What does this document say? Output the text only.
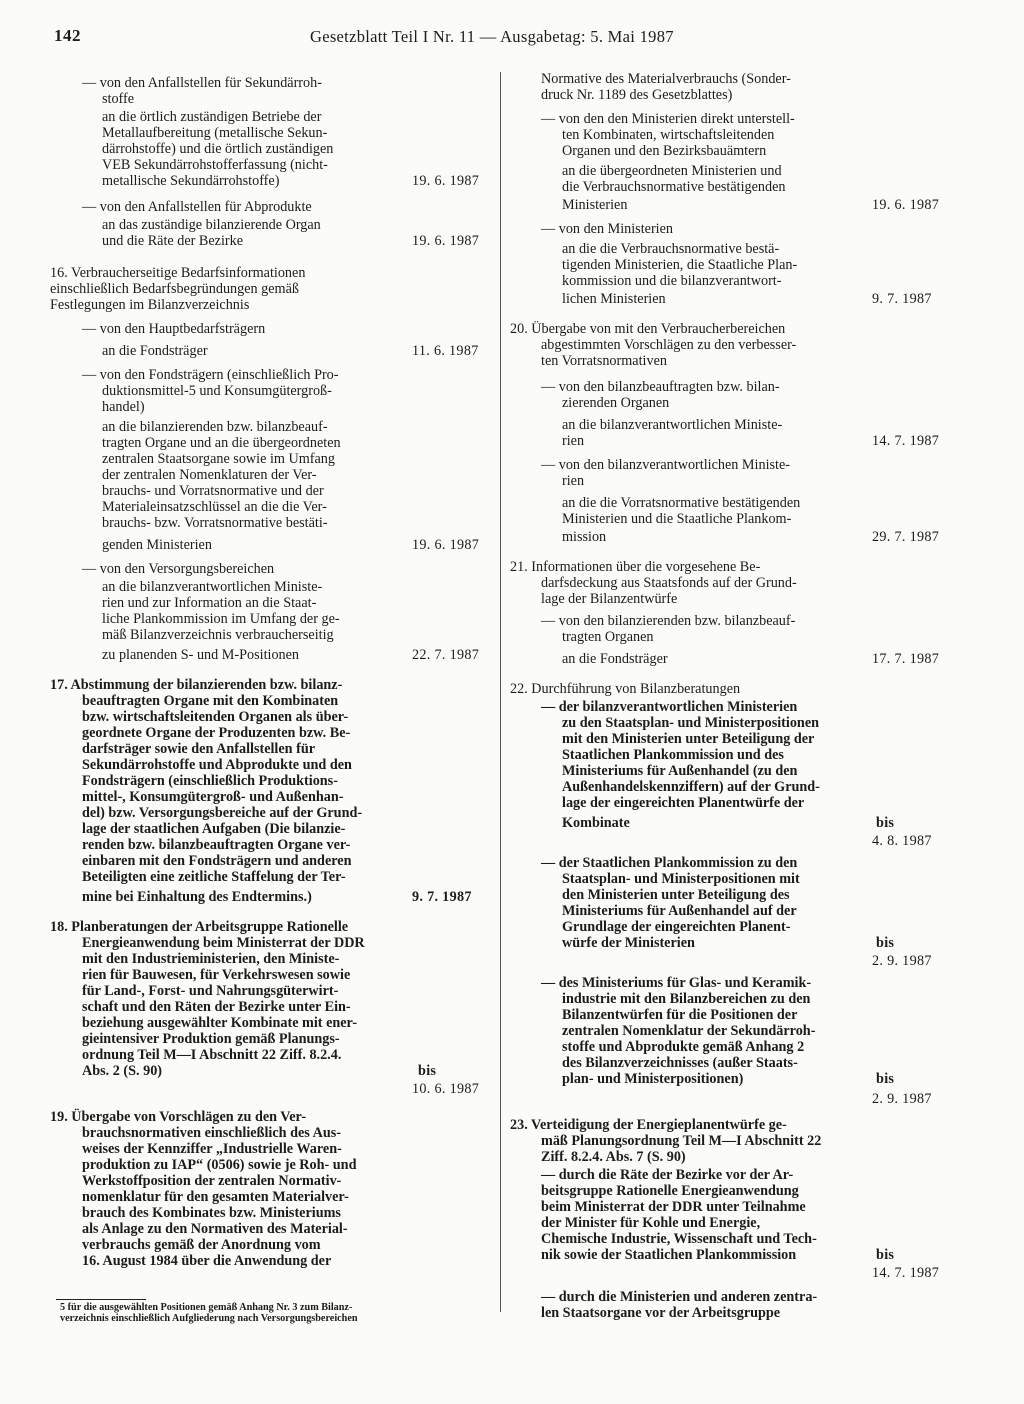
142	Gesetzblatt Teil I Nr. 11 — Ausgabetag: 5. Mai 1987
— von den Anfallstellen für Sekundärroh-
stoffe
an die örtlich zuständigen Betriebe der
Metallaufbereitung (metallische Sekun-
därrohstoffe) und die örtlich zuständigen
VEB Sekundärrohstofferfassung (nicht-
metallische Sekundärrohstoffe)	19. 6. 1987
— von den Anfallstellen für Abprodukte
an das zuständige bilanzierende Organ
und die Räte der Bezirke	19. 6. 1987
16. Verbraucherseitige Bedarfsinformationen
einschließlich Bedarfsbegründungen gemäß
Festlegungen im Bilanzverzeichnis
— von den Hauptbedarfsträgern
an die Fondsträger	11. 6. 1987
— von den Fondsträgern (einschließlich Pro-
duktionsmittel-5 und Konsumgütergroß-
handel)
an die bilanzierenden bzw. bilanzbeauf-
tragten Organe und an die übergeordneten
zentralen Staatsorgane sowie im Umfang
der zentralen Nomenklaturen der Ver-
brauchs- und Vorratsnormative und der
Materialeinsatzschlüssel an die die Ver-
brauchs- bzw. Vorratsnormative bestäti-
genden Ministerien	19. 6. 1987
— von den Versorgungsbereichen
an die bilanzverantwortlichen Ministe-
rien und zur Information an die Staat-
liche Plankommission im Umfang der ge-
mäß Bilanzverzeichnis verbraucherseitig
zu planenden S- und M-Positionen	22. 7. 1987
17. Abstimmung der bilanzierenden bzw. bilanz-
beauftragten Organe mit den Kombinaten
bzw. wirtschaftsleitenden Organen als über-
geordnete Organe der Produzenten bzw. Be-
darfsträger sowie den Anfallstellen für
Sekundärrohstoffe und Abprodukte und den
Fondsträgern (einschließlich Produktions-
mittel-, Konsumgütergroß- und Außenhan-
del) bzw. Versorgungsbereiche auf der Grund-
lage der staatlichen Aufgaben (Die bilanzie-
renden bzw. bilanzbeauftragten Organe ver-
einbaren mit den Fondsträgern und anderen
Beteiligten eine zeitliche Staffelung der Ter-
mine bei Einhaltung des Endtermins.)	9. 7. 1987
18. Planberatungen der Arbeitsgruppe Rationelle
Energieanwendung beim Ministerrat der DDR
mit den Industrieministerien, den Ministe-
rien für Bauwesen, für Verkehrswesen sowie
für Land-, Forst- und Nahrungsgüterwirt-
schaft und den Räten der Bezirke unter Ein-
beziehung ausgewählter Kombinate mit ener-
gieintensiver Produktion gemäß Planungs-
ordnung Teil M—I Abschnitt 22 Ziff. 8.2.4.
Abs. 2 (S. 90)	bis
10. 6. 1987
19. Übergabe von Vorschlägen zu den Ver-
brauchsnormativen einschließlich des Aus-
weises der Kennziffer „Industrielle Waren-
produktion zu IAP“ (0506) sowie je Roh- und
Werkstoffposition der zentralen Normativ-
nomenklatur für den gesamten Materialver-
brauch des Kombinates bzw. Ministeriums
als Anlage zu den Normativen des Material-
verbrauchs gemäß der Anordnung vom
16. August 1984 über die Anwendung der
Normative des Materialverbrauchs (Sonder-
druck Nr. 1189 des Gesetzblattes)
— von den den Ministerien direkt unterstell-
ten Kombinaten, wirtschaftsleitenden
Organen und den Bezirksbauämtern
an die übergeordneten Ministerien und
die Verbrauchsnormative bestätigenden
Ministerien	19. 6. 1987
— von den Ministerien
an die die Verbrauchsnormative bestä-
tigenden Ministerien, die Staatliche Plan-
kommission und die bilanzverantwort-
lichen Ministerien	9. 7. 1987
20. Übergabe von mit den Verbraucherbereichen
abgestimmten Vorschlägen zu den verbesser-
ten Vorratsnormativen
— von den bilanzbeauftragten bzw. bilan-
zierenden Organen
an die bilanzverantwortlichen Ministe-
rien	14. 7. 1987
— von den bilanzverantwortlichen Ministe-
rien
an die die Vorratsnormative bestätigenden
Ministerien und die Staatliche Plankom-
mission	29. 7. 1987
21. Informationen über die vorgesehene Be-
darfsdeckung aus Staatsfonds auf der Grund-
lage der Bilanzentwürfe
— von den bilanzierenden bzw. bilanzbeauf-
tragten Organen
an die Fondsträger	17. 7. 1987
22. Durchführung von Bilanzberatungen
— der bilanzverantwortlichen Ministerien
zu den Staatsplan- und Ministerpositionen
mit den Ministerien unter Beteiligung der
Staatlichen Plankommission und des
Ministeriums für Außenhandel (zu den
Außenhandelskennziffern) auf der Grund-
lage der eingereichten Planentwürfe der
Kombinate	bis
4. 8. 1987
— der Staatlichen Plankommission zu den
Staatsplan- und Ministerpositionen mit
den Ministerien unter Beteiligung des
Ministeriums für Außenhandel auf der
Grundlage der eingereichten Planent-
würfe der Ministerien	bis
2. 9. 1987
— des Ministeriums für Glas- und Keramik-
industrie mit den Bilanzbereichen zu den
Bilanzentwürfen für die Positionen der
zentralen Nomenklatur der Sekundärroh-
stoffe und Abprodukte gemäß Anhang 2
des Bilanzverzeichnisses (außer Staats-
plan- und Ministerpositionen)	bis
2. 9. 1987
23. Verteidigung der Energieplanentwürfe ge-
mäß Planungsordnung Teil M—I Abschnitt 22
Ziff. 8.2.4. Abs. 7 (S. 90)
— durch die Räte der Bezirke vor der Ar-
beitsgruppe Rationelle Energieanwendung
beim Ministerrat der DDR unter Teilnahme
der Minister für Kohle und Energie,
Chemische Industrie, Wissenschaft und Tech-
nik sowie der Staatlichen Plankommission	bis
14. 7. 1987
— durch die Ministerien und anderen zentra-
len Staatsorgane vor der Arbeitsgruppe
5 für die ausgewählten Positionen gemäß Anhang Nr. 3 zum Bilanz-
verzeichnis einschließlich Aufgliederung nach Versorgungsbereichen
